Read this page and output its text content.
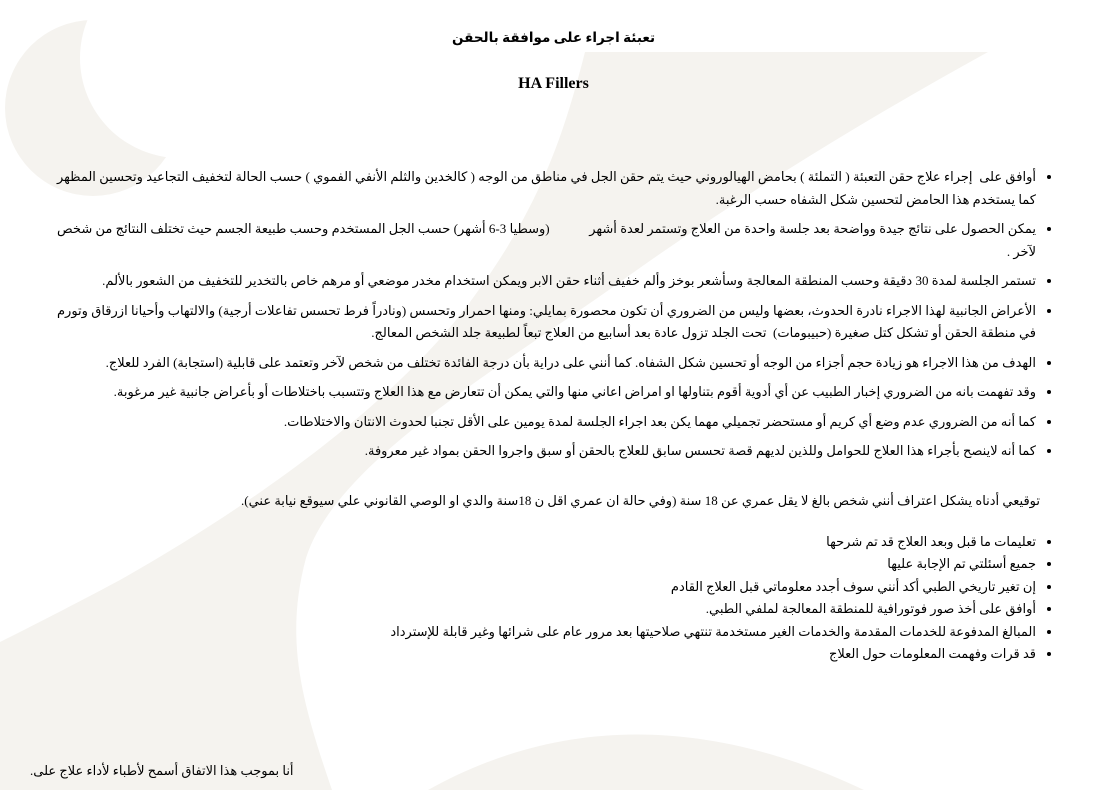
تعبئة اجراء على موافقة بالحقن
HA Fillers
• أوافق على  إجراء علاج حقن التعبئة ( التملئة ) بحامض الهيالوروني حيث يتم حقن الجل في مناطق من الوجه ( كالخدين والثلم الأنفي الفموي ) حسب الحالة لتخفيف التجاعيد وتحسين المظهر كما يستخدم هذا الحامض لتحسين شكل الشفاه حسب الرغبة.
• يمكن الحصول على نتائج جيدة وواضحة بعد جلسة واحدة من العلاج وتستمر لعدة أشهر            ‪(وسطيا 3-6 أشهر)‬ حسب الجل المستخدم وحسب طبيعة الجسم حيث تختلف النتائج من شخص لآخر .
• تستمر الجلسة لمدة 30 دقيقة وحسب المنطقة المعالجة وسأشعر بوخز وألم خفيف أثناء حقن الابر ويمكن استخدام مخدر موضعي أو مرهم خاص بالتخدير للتخفيف من الشعور بالألم.
• الأعراض الجانبية لهذا الاجراء نادرة الحدوث، بعضها وليس من الضروري أن تكون محصورة بمايلي: ومنها احمرار وتحسس (ونادراً فرط تحسس تفاعلات أرجية) والالتهاب وأحيانا ازرقاق وتورم في منطقة الحقن أو تشكل كتل صغيرة (حبيبومات)  تحت الجلد تزول عادة بعد أسابيع من العلاج تبعاً لطبيعة جلد الشخص المعالج.
• الهدف من هذا الاجراء هو زيادة حجم أجزاء من الوجه أو تحسين شكل الشفاه. كما أنني على دراية بأن درجة الفائدة تختلف من شخص لآخر وتعتمد على قابلية (استجابة) الفرد للعلاج.
• وقد تفهمت بانه من الضروري إخبار الطبيب عن أي أدوية أقوم بتناولها او امراض اعاني منها والتي يمكن أن تتعارض مع هذا العلاج وتتسبب باختلاطات أو بأعراض جانبية غير مرغوبة.
• كما أنه من الضروري عدم وضع أي كريم أو مستحضر تجميلي مهما يكن بعد اجراء الجلسة لمدة يومين على الأقل تجنبا لحدوث الانتان والاختلاطات.
• كما أنه لاينصح بأجراء هذا العلاج للحوامل وللذين لديهم قصة تحسس سابق للعلاج بالحقن أو سبق واجروا الحقن بمواد غير معروفة.

توقيعي أدناه يشكل اعتراف أنني شخص بالغ لا يقل عمري عن 18 سنة (وفي حالة ان عمري اقل ن 18سنة والدي او الوصي القانوني علي سيوقع نيابة عني).

• تعليمات ما قبل وبعد العلاج قد تم شرحها
• جميع أسئلتي تم الإجابة عليها
• إن تغير تاريخي الطبي أكد أنني سوف أجدد معلوماتي قبل العلاج القادم
• أوافق على أخذ صور فوتورافية للمنطقة المعالجة لملفي الطبي.
• المبالغ المدفوعة للخدمات المقدمة والخدمات الغير مستخدمة تنتهي صلاحيتها بعد مرور عام على شرائها وغير قابلة للإسترداد
• قد قرات وفهمت المعلومات حول العلاج

أنا بموجب هذا الاتفاق أسمح لأطباء لأداء علاج على.
